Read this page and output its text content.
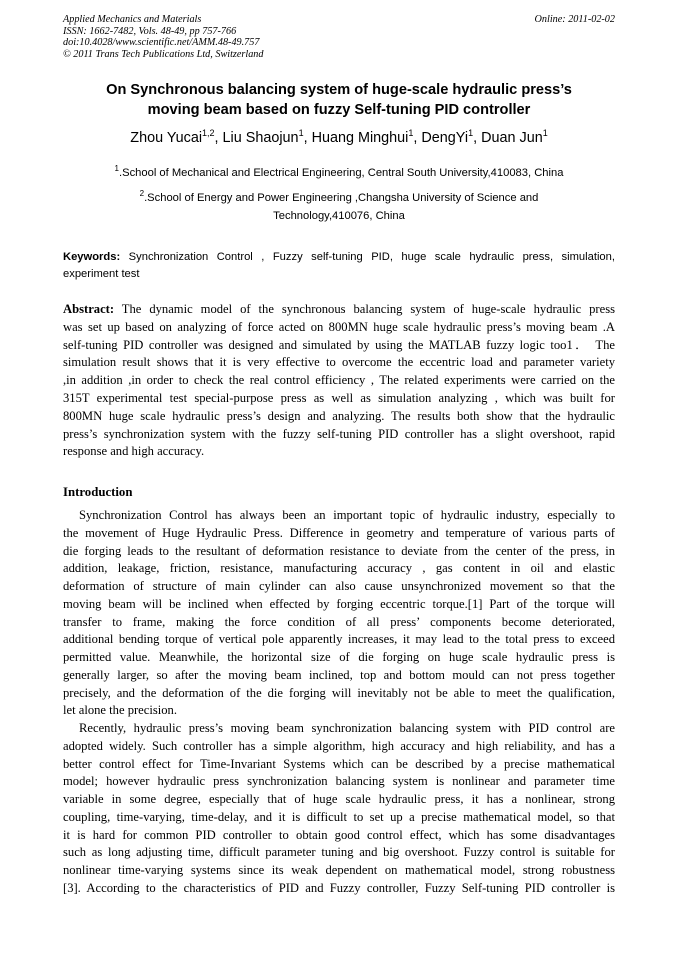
Applied Mechanics and Materials
ISSN: 1662-7482, Vols. 48-49, pp 757-766
doi:10.4028/www.scientific.net/AMM.48-49.757
© 2011 Trans Tech Publications Ltd, Switzerland
Online: 2011-02-02
On Synchronous balancing system of huge-scale hydraulic press’s
moving beam based on fuzzy Self-tuning PID controller
Zhou Yucai$^{1,2}$, Liu Shaojun$^1$, Huang Minghui$^1$, DengYi$^1$, Duan Jun$^1$
$^1$.School of Mechanical and Electrical Engineering, Central South University,410083, China
$^2$.School of Energy and Power Engineering ,Changsha University of Science and
Technology,410076, China
Keywords: Synchronization Control , Fuzzy self-tuning PID, huge scale hydraulic press, simulation,
experiment test
Abstract: The dynamic model of the synchronous balancing system of huge-scale hydraulic press
was set up based on analyzing of force acted on 800MN huge scale hydraulic press’s moving beam .A
self-tuning PID controller was designed and simulated by using the MATLAB fuzzy logic too1． The
simulation result shows that it is very effective to overcome the eccentric load and parameter variety
,in addition ,in order to check the real control efficiency , The related experiments were carried on the
315T experimental test special-purpose press as well as simulation analyzing , which was built for
800MN huge scale hydraulic press’s design and analyzing. The results both show that the hydraulic
press’s synchronization system with the fuzzy self-tuning PID controller has a slight overshoot, rapid
response and high accuracy.
Introduction
Synchronization Control has always been an important topic of hydraulic industry, especially to
the movement of Huge Hydraulic Press. Difference in geometry and temperature of various parts of
die forging leads to the resultant of deformation resistance to deviate from the center of the press, in
addition, leakage, friction, resistance, manufacturing accuracy , gas content in oil and elastic
deformation of structure of main cylinder can also cause unsynchronized movement so that the
moving beam will be inclined when effected by forging eccentric torque.[1] Part of the torque will
transfer to frame, making the force condition of all press’ components become deteriorated,
additional bending torque of vertical pole apparently increases, it may lead to the total press to exceed
permitted value. Meanwhile, the horizontal size of die forging on huge scale hydraulic press is
generally larger, so after the moving beam inclined, top and bottom mould can not press together
precisely, and the deformation of the die forging will inevitably not be able to meet the qualification,
let alone the precision.
Recently, hydraulic press’s moving beam synchronization balancing system with PID control are
adopted widely. Such controller has a simple algorithm, high accuracy and high reliability, and has a
better control effect for Time-Invariant Systems which can be described by a precise mathematical
model; however hydraulic press synchronization balancing system is nonlinear and parameter time
variable in some degree, especially that of huge scale hydraulic press, it has a nonlinear, strong
coupling, time-varying, time-delay, and it is difficult to set up a precise mathematical model, so that
it is hard for common PID controller to obtain good control effect, which has some disadvantages
such as long adjusting time, difficult parameter tuning and big overshoot. Fuzzy control is suitable for
nonlinear time-varying systems since its weak dependent on mathematical model, strong robustness
[3]. According to the characteristics of PID and Fuzzy controller, Fuzzy Self-tuning PID controller is
